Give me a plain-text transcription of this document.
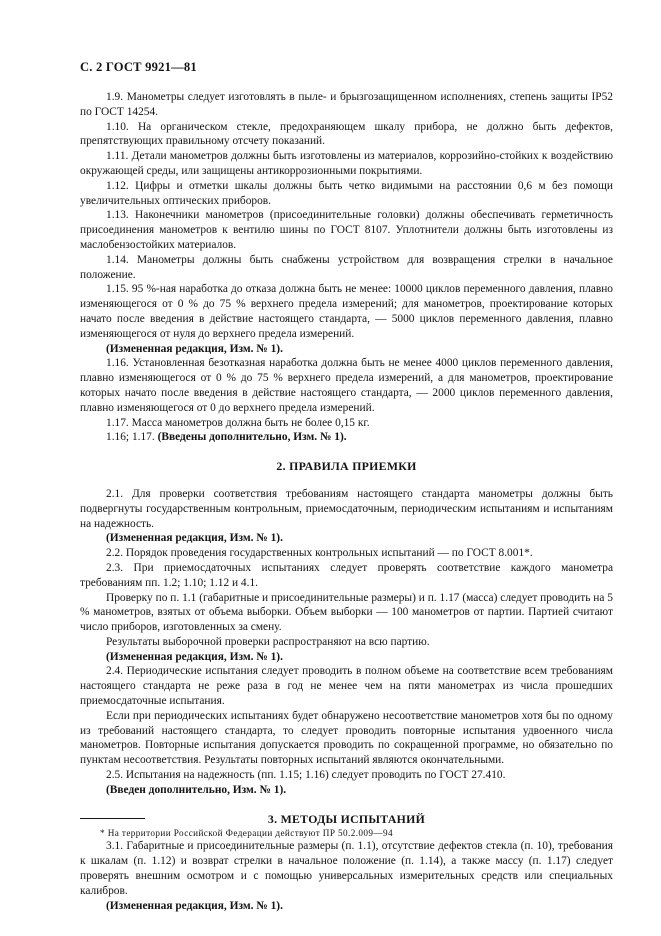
С. 2 ГОСТ 9921—81

1.9. Манометры следует изготовлять в пыле- и брызгозащищенном исполнениях, степень защиты IP52 по ГОСТ 14254.

1.10. На органическом стекле, предохраняющем шкалу прибора, не должно быть дефектов, препятствующих правильному отсчету показаний.

1.11. Детали манометров должны быть изготовлены из материалов, коррозийно-стойких к воздействию окружающей среды, или защищены антикоррозионными покрытиями.

1.12. Цифры и отметки шкалы должны быть четко видимыми на расстоянии 0,6 м без помощи увеличительных оптических приборов.

1.13. Наконечники манометров (присоединительные головки) должны обеспечивать герметичность присоединения манометров к вентилю шины по ГОСТ 8107. Уплотнители должны быть изготовлены из маслобензостойких материалов.

1.14. Манометры должны быть снабжены устройством для возвращения стрелки в начальное положение.

1.15. 95 %-ная наработка до отказа должна быть не менее: 10000 циклов переменного давления, плавно изменяющегося от 0 % до 75 % верхнего предела измерений; для манометров, проектирование которых начато после введения в действие настоящего стандарта, — 5000 циклов переменного давления, плавно изменяющегося от нуля до верхнего предела измерений.

(Измененная редакция, Изм. № 1).

1.16. Установленная безотказная наработка должна быть не менее 4000 циклов переменного давления, плавно изменяющегося от 0 % до 75 % верхнего предела измерений, а для манометров, проектирование которых начато после введения в действие настоящего стандарта, — 2000 циклов переменного давления, плавно изменяющегося от 0 до верхнего предела измерений.

1.17. Масса манометров должна быть не более 0,15 кг.

1.16; 1.17. (Введены дополнительно, Изм. № 1).

2. ПРАВИЛА ПРИЕМКИ

2.1. Для проверки соответствия требованиям настоящего стандарта манометры должны быть подвергнуты государственным контрольным, приемосдаточным, периодическим испытаниям и испытаниям на надежность.

(Измененная редакция, Изм. № 1).

2.2. Порядок проведения государственных контрольных испытаний — по ГОСТ 8.001*.

2.3. При приемосдаточных испытаниях следует проверять соответствие каждого манометра требованиям пп. 1.2; 1.10; 1.12 и 4.1.

Проверку по п. 1.1 (габаритные и присоединительные размеры) и п. 1.17 (масса) следует проводить на 5 % манометров, взятых от объема выборки. Объем выборки — 100 манометров от партии. Партией считают число приборов, изготовленных за смену.

Результаты выборочной проверки распространяют на всю партию.

(Измененная редакция, Изм. № 1).

2.4. Периодические испытания следует проводить в полном объеме на соответствие всем требованиям настоящего стандарта не реже раза в год не менее чем на пяти манометрах из числа прошедших приемосдаточные испытания.

Если при периодических испытаниях будет обнаружено несоответствие манометров хотя бы по одному из требований настоящего стандарта, то следует проводить повторные испытания удвоенного числа манометров. Повторные испытания допускается проводить по сокращенной программе, но обязательно по пунктам несоответствия. Результаты повторных испытаний являются окончательными.

2.5. Испытания на надежность (пп. 1.15; 1.16) следует проводить по ГОСТ 27.410.

(Введен дополнительно, Изм. № 1).

3. МЕТОДЫ ИСПЫТАНИЙ

3.1. Габаритные и присоединительные размеры (п. 1.1), отсутствие дефектов стекла (п. 10), требования к шкалам (п. 1.12) и возврат стрелки в начальное положение (п. 1.14), а также массу (п. 1.17) следует проверять внешним осмотром и с помощью универсальных измерительных средств или специальных калибров.

(Измененная редакция, Изм. № 1).

* На территории Российской Федерации действуют ПР 50.2.009—94
